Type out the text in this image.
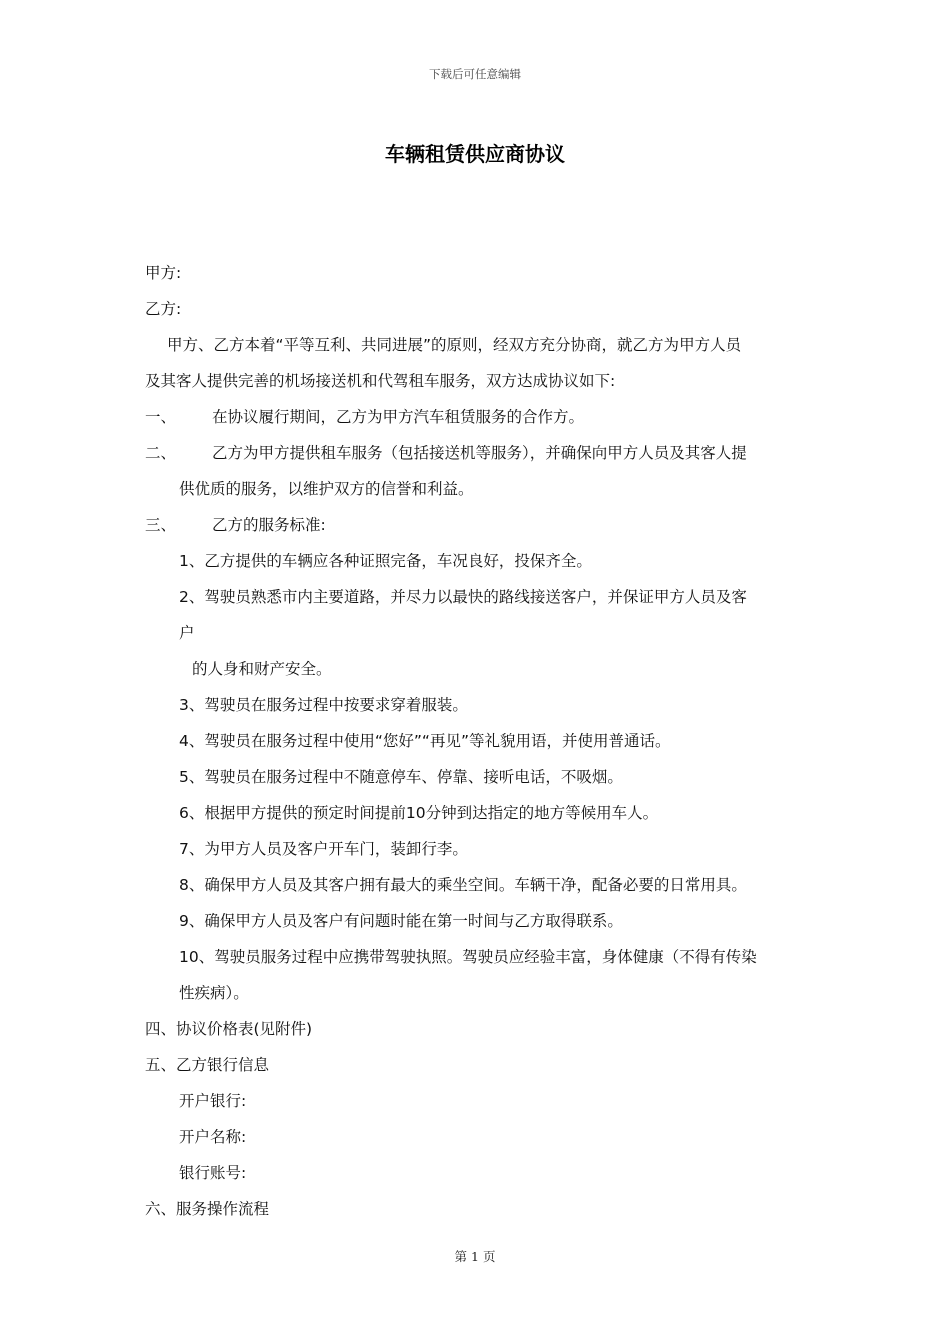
下载后可任意编辑
车辆租赁供应商协议
甲方:
乙方:
甲方、乙方本着“平等互利、共同进展”的原则，经双方充分协商，就乙方为甲方人员
及其客人提供完善的机场接送机和代驾租车服务，双方达成协议如下:
一、	在协议履行期间，乙方为甲方汽车租赁服务的合作方。
二、	乙方为甲方提供租车服务（包括接送机等服务），并确保向甲方人员及其客人提
供优质的服务，以维护双方的信誉和利益。
三、	乙方的服务标准:
1、乙方提供的车辆应各种证照完备，车况良好，投保齐全。
2、驾驶员熟悉市内主要道路，并尽力以最快的路线接送客户，并保证甲方人员及客
户
的人身和财产安全。
3、驾驶员在服务过程中按要求穿着服装。
4、驾驶员在服务过程中使用“您好”“再见”等礼貌用语，并使用普通话。
5、驾驶员在服务过程中不随意停车、停靠、接听电话，不吸烟。
6、根据甲方提供的预定时间提前10分钟到达指定的地方等候用车人。
7、为甲方人员及客户开车门，装卸行李。
8、确保甲方人员及其客户拥有最大的乘坐空间。车辆干净，配备必要的日常用具。
9、确保甲方人员及客户有问题时能在第一时间与乙方取得联系。
10、驾驶员服务过程中应携带驾驶执照。驾驶员应经验丰富，身体健康（不得有传染
性疾病）。
四、协议价格表(见附件)
五、乙方银行信息
开户银行:
开户名称:
银行账号:
六、服务操作流程
第 1 页
